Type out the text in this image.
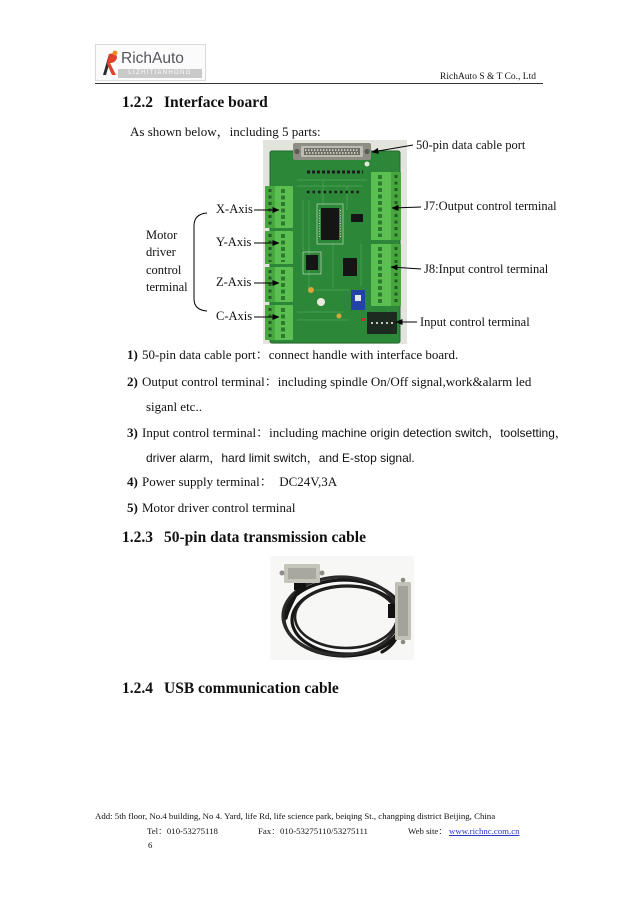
RichAuto
LIZHITIANHONG	RichAuto S & T Co., Ltd
1.2.2 Interface board
As shown below，including 5 parts:
50-pin data cable port
J7:Output control terminal
J8:Input control terminal
Input control terminal
X-Axis
Y-Axis
Z-Axis
C-Axis
Motor
driver
control
terminal
1) 50-pin data cable port：connect handle with interface board.
2) Output control terminal：including spindle On/Off signal,work&alarm led
siganl etc..
3) Input control terminal：including machine origin detection switch，toolsetting，
driver alarm，hard limit switch，and E-stop signal.
4) Power supply terminal：  DC24V,3A
5) Motor driver control terminal
1.2.3 50-pin data transmission cable
1.2.4 USB communication cable
Add: 5th floor, No.4 building, No 4. Yard, life Rd, life science park, beiqing St., changping district Beijing, China
Tel：010-53275118	Fax：010-53275110/53275111	Web site： www.richnc.com.cn
6
